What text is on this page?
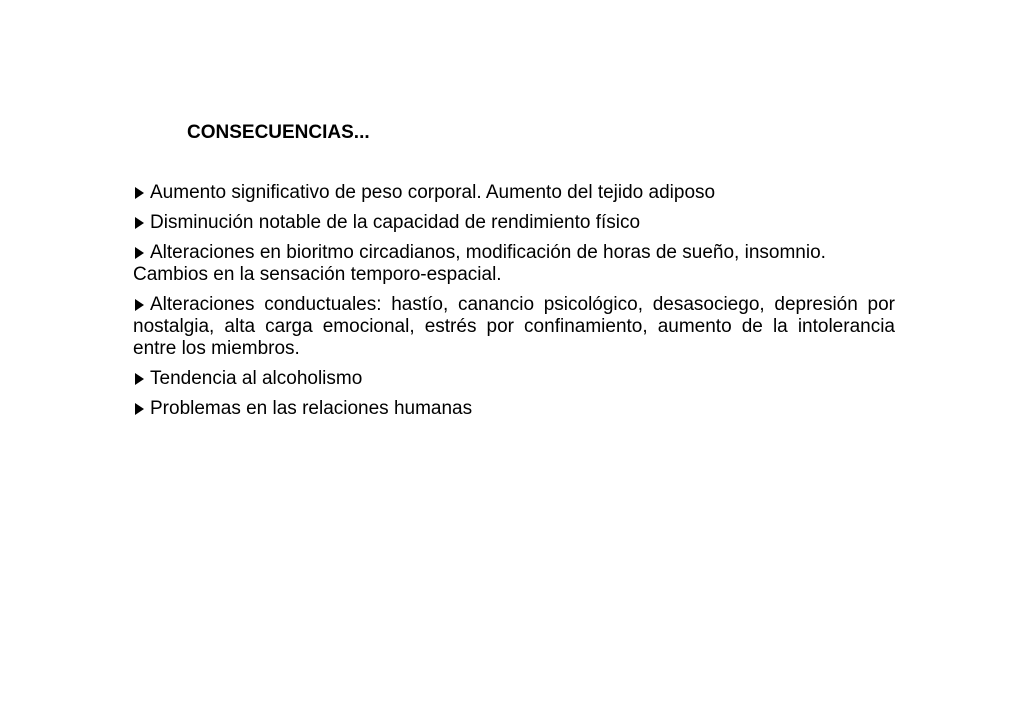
CONSECUENCIAS...
Aumento significativo de peso corporal. Aumento del tejido adiposo
Disminución notable de la capacidad de rendimiento físico
Alteraciones en bioritmo circadianos, modificación de horas de sueño, insomnio. Cambios en la sensación temporo-espacial.
Alteraciones conductuales: hastío, canancio psicológico, desasociego, depresión por nostalgia, alta carga emocional, estrés por confinamiento, aumento de la intolerancia entre los miembros.
Tendencia al alcoholismo
Problemas en las relaciones humanas
